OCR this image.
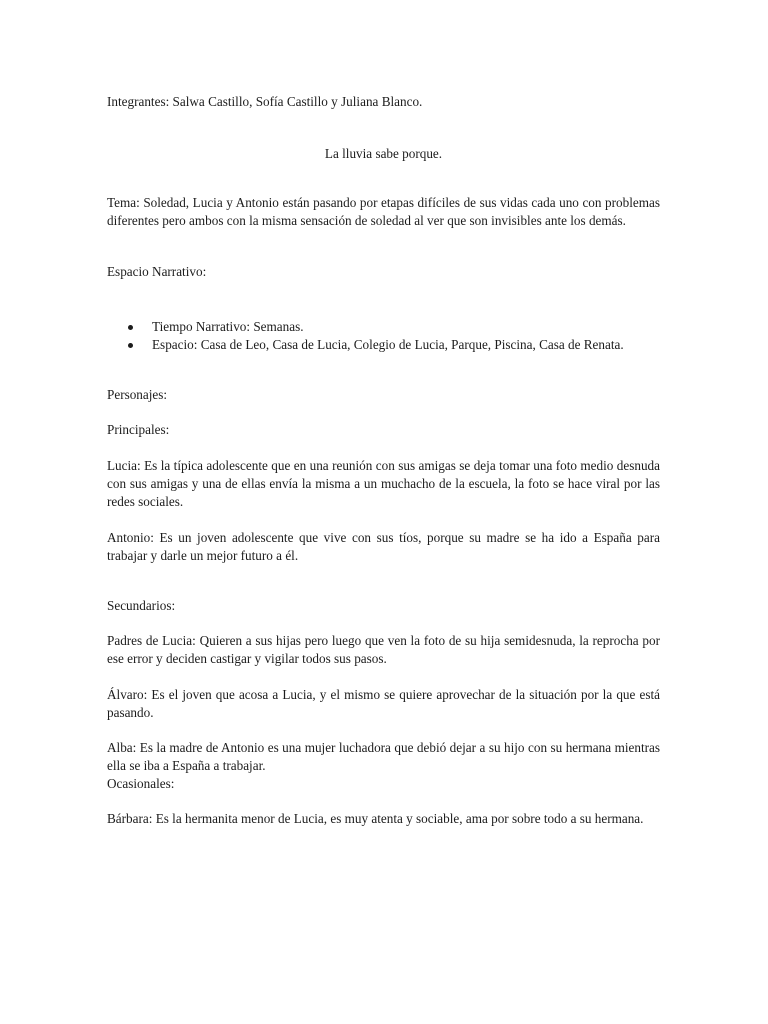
Integrantes: Salwa Castillo, Sofía Castillo y Juliana Blanco.

La lluvia sabe porque.

Tema: Soledad, Lucia y Antonio están pasando por etapas difíciles de sus vidas cada uno con problemas diferentes pero ambos con la misma sensación de soledad al ver que son invisibles ante los demás.

Espacio Narrativo:

Tiempo Narrativo: Semanas.
Espacio: Casa de Leo, Casa de Lucia, Colegio de Lucia, Parque, Piscina, Casa de Renata.

Personajes:

Principales:

Lucia: Es la típica adolescente que en una reunión con sus amigas se deja tomar una foto medio desnuda con sus amigas y una de ellas envía la misma a un muchacho de la escuela, la foto se hace viral por las redes sociales.

Antonio: Es un joven adolescente que vive con sus tíos, porque su madre se ha ido a España para trabajar y darle un mejor futuro a él.

Secundarios:

Padres de Lucia: Quieren a sus hijas pero luego que ven la foto de su hija semidesnuda, la reprocha por ese error y deciden castigar y vigilar todos sus pasos.

Álvaro: Es el joven que acosa a Lucia, y el mismo se quiere aprovechar de la situación por la que está pasando.

Alba: Es la madre de Antonio es una mujer luchadora que debió dejar a su hijo con su hermana mientras ella se iba a España a trabajar.

Ocasionales:

Bárbara: Es la hermanita menor de Lucia, es muy atenta y sociable, ama por sobre todo a su hermana.
